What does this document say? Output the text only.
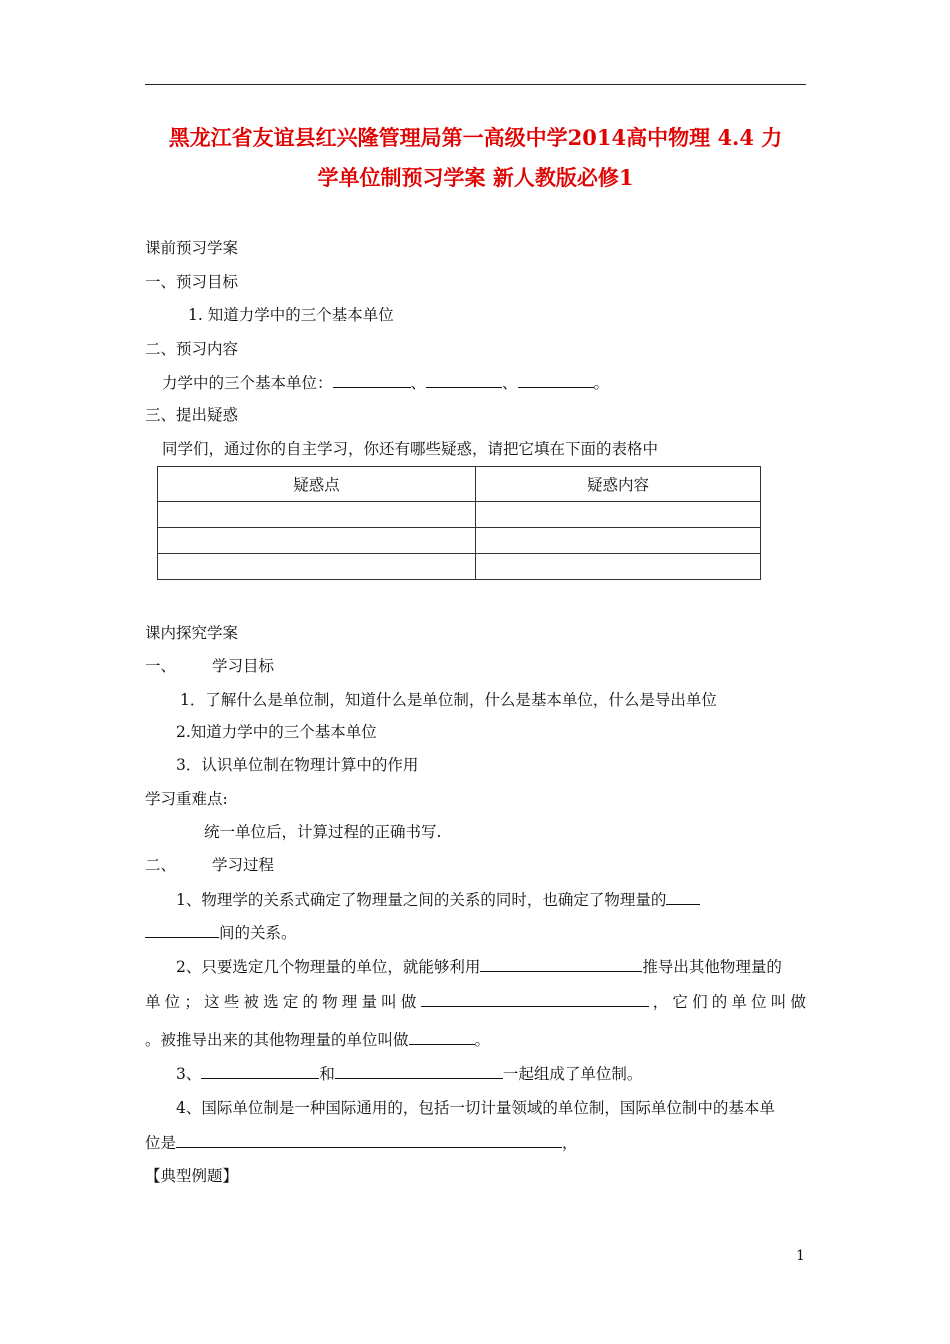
黑龙江省友谊县红兴隆管理局第一高级中学2014高中物理 4.4 力
学单位制预习学案 新人教版必修1
课前预习学案
一、预习目标
1. 知道力学中的三个基本单位
二、预习内容
力学中的三个基本单位：	、	、	。
三、提出疑惑
同学们，通过你的自主学习，你还有哪些疑惑，请把它填在下面的表格中
疑惑点	疑惑内容

课内探究学案
一、 学习目标
1．了解什么是单位制，知道什么是单位制，什么是基本单位，什么是导出单位
2.知道力学中的三个基本单位
3．认识单位制在物理计算中的作用
学习重难点:
统一单位后，计算过程的正确书写.
二、 学习过程
1、物理学的关系式确定了物理量之间的关系的同时，也确定了物理量的
间的关系。
2、只要选定几个物理量的单位，就能够利用	推导出其他物理量的
单位；这些被选定的物理量叫做	，它们的单位叫做
。被推导出来的其他物理量的单位叫做	。
3、	和	一起组成了单位制。
4、国际单位制是一种国际通用的，包括一切计量领域的单位制，国际单位制中的基本单
位是	，
【典型例题】
1
